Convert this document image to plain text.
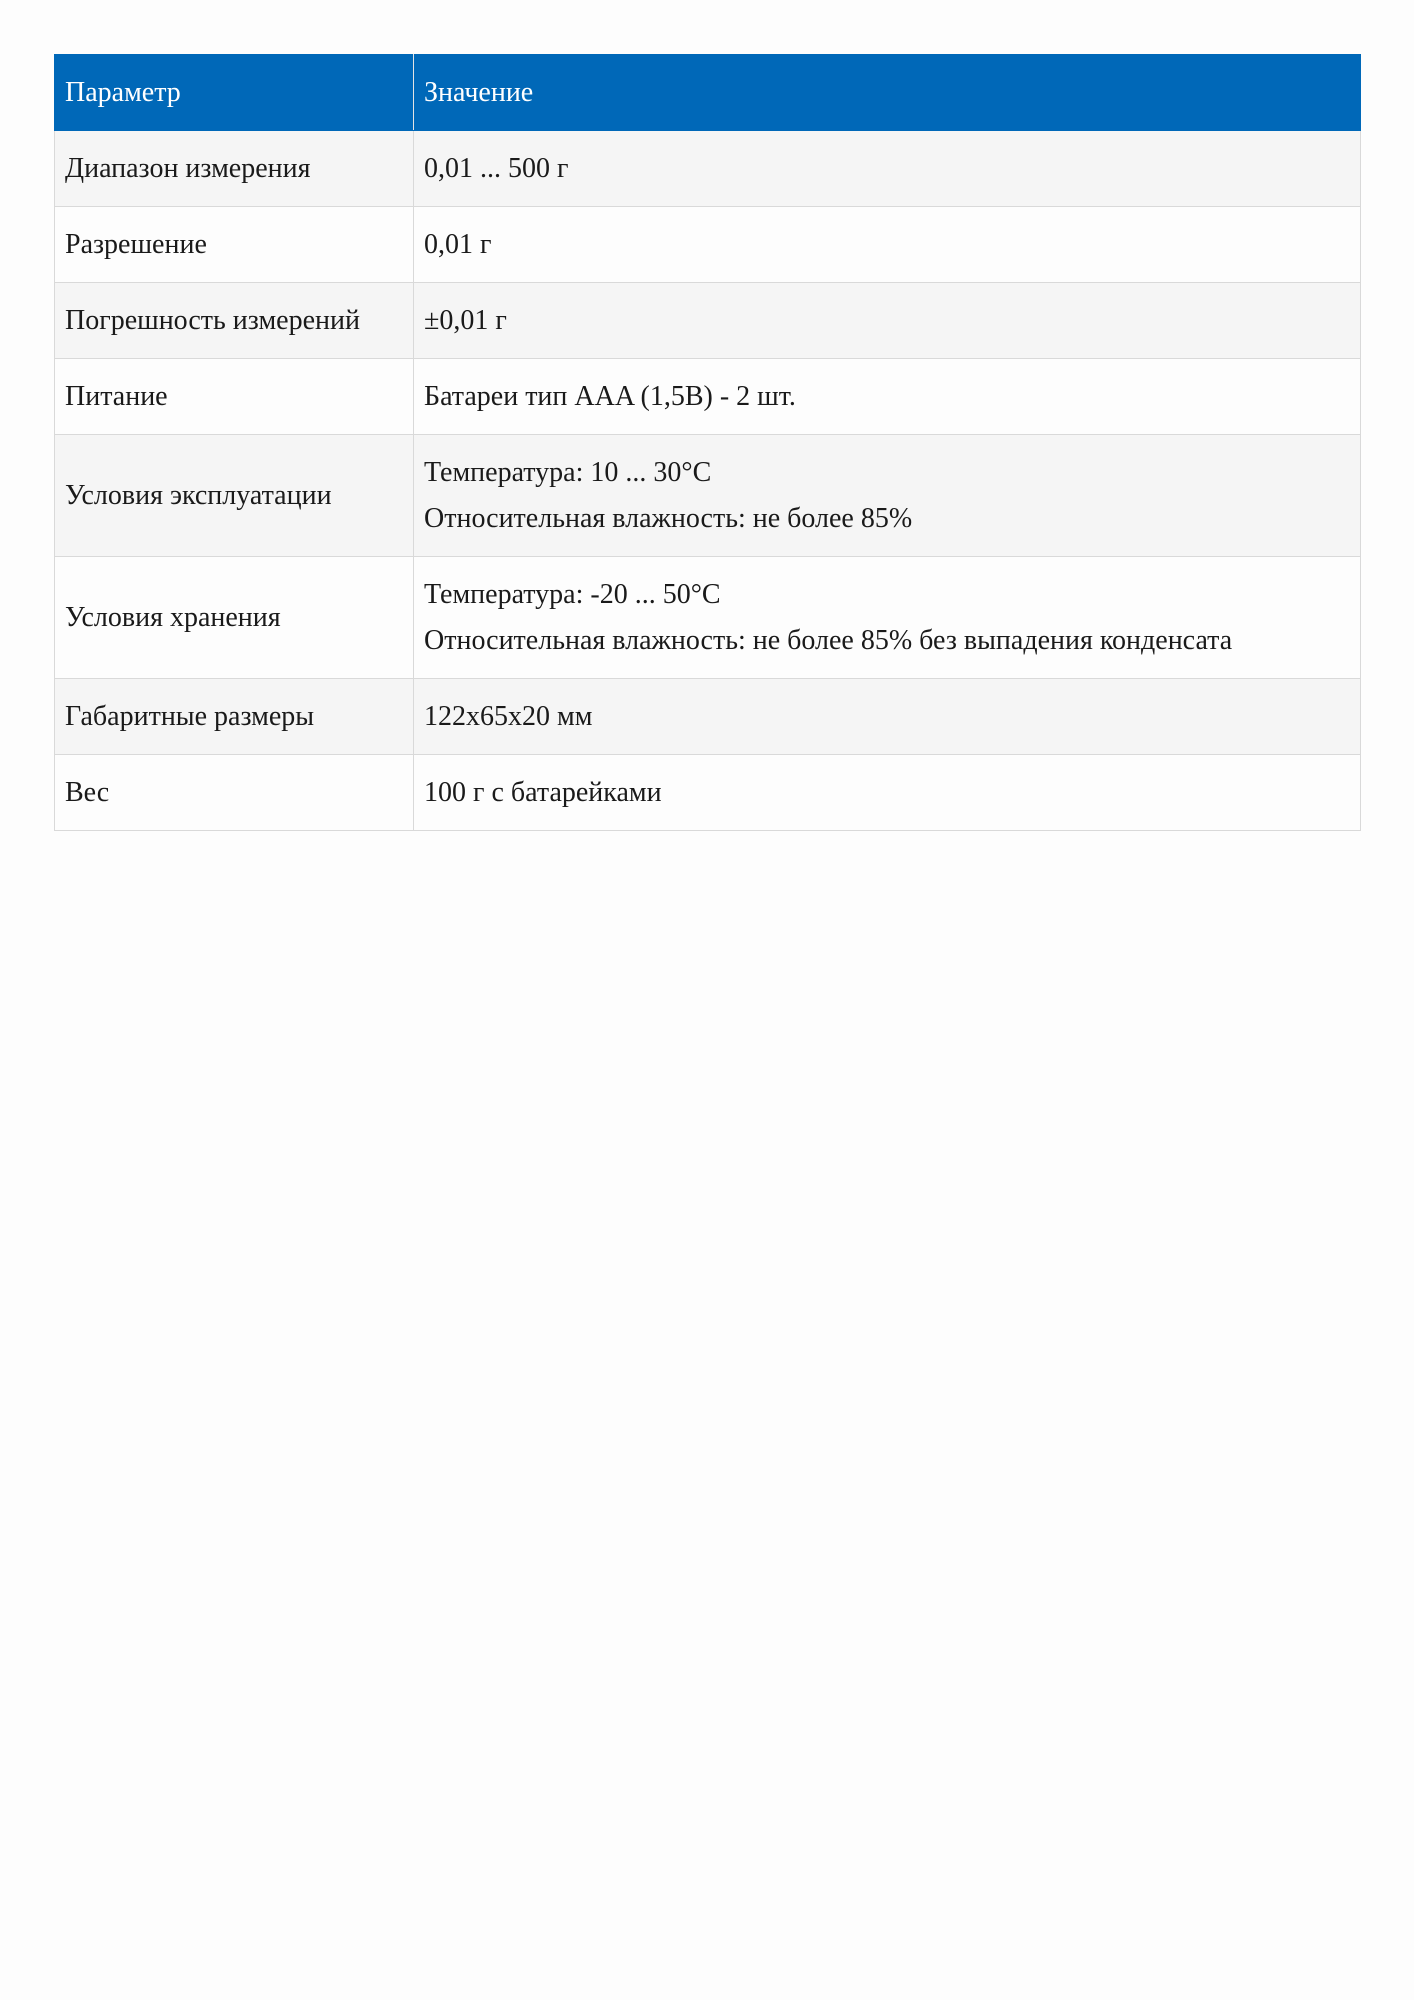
Параметр	Значение
Диапазон измерения	0,01 ... 500 г

Разрешение	0,01 г

Погрешность измерений	±0,01 г

Питание	Батареи тип AAA (1,5В) - 2 шт.

Условия эксплуатации	Температура: 10 ... 30°C
Относительная влажность: не более 85%

Условия хранения	Температура: -20 ... 50°C
Относительная влажность: не более 85% без выпадения конденсата

Габаритные размеры	122х65х20 мм

Вес	100 г с батарейками
